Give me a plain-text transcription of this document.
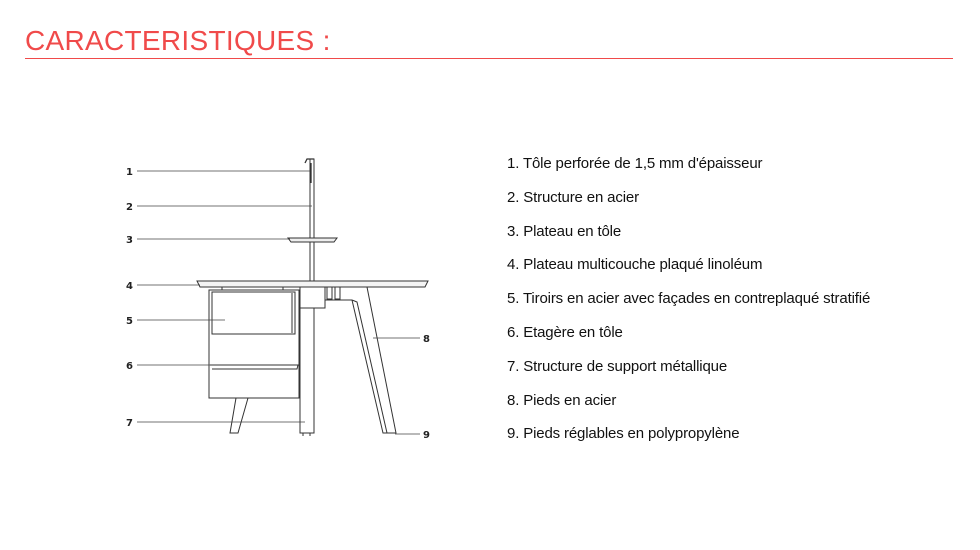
CARACTERISTIQUES :
1
2
3
4
5
6
7
8
9
1. Tôle perforée de 1,5 mm d'épaisseur
2. Structure en acier
3. Plateau en tôle
4. Plateau multicouche plaqué linoléum
5. Tiroirs en acier avec façades en contreplaqué stratifié
6. Etagère en tôle
7. Structure de support métallique
8. Pieds en acier
9. Pieds réglables en polypropylène
